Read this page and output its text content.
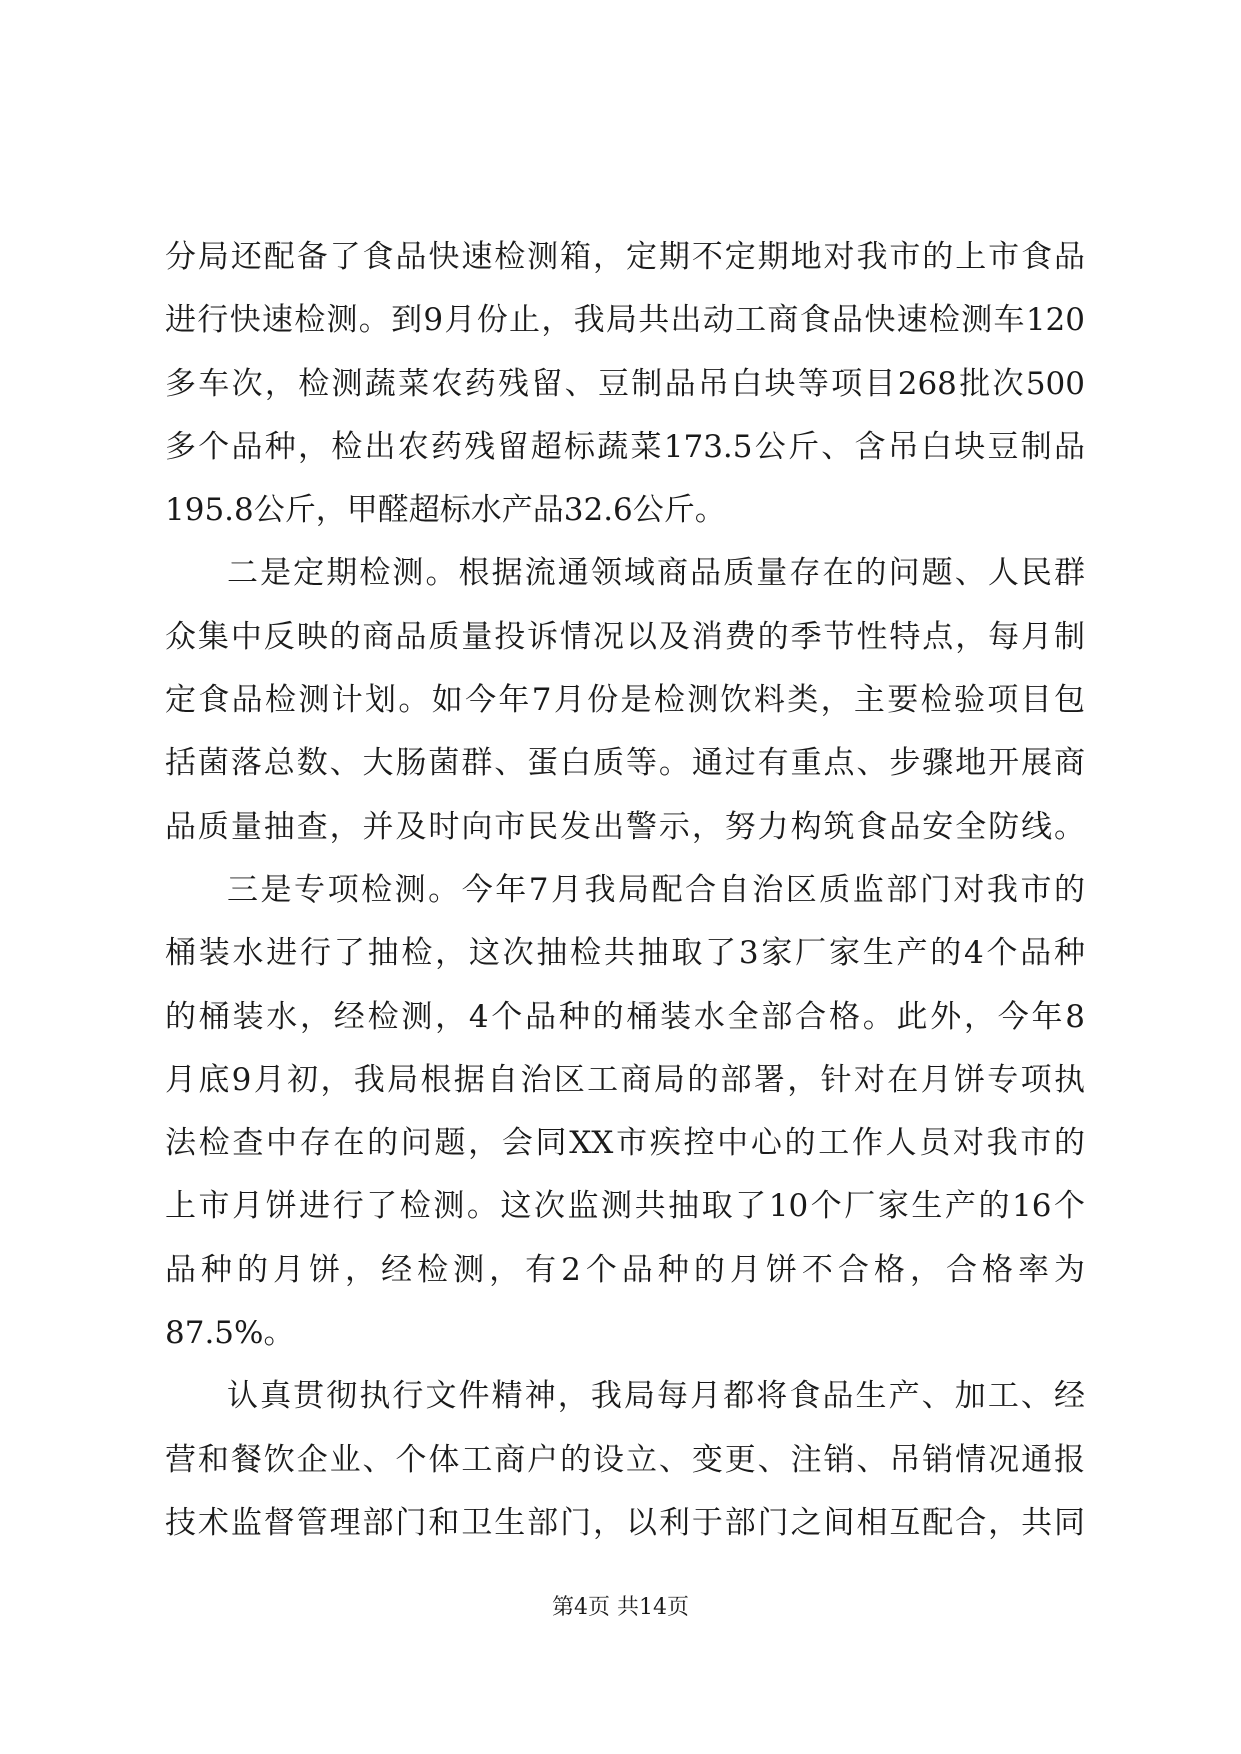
分局还配备了食品快速检测箱，定期不定期地对我市的上市食品
进行快速检测。到9月份止，我局共出动工商食品快速检测车120
多车次，检测蔬菜农药残留、豆制品吊白块等项目268批次500
多个品种，检出农药残留超标蔬菜173.5公斤、含吊白块豆制品
195.8公斤，甲醛超标水产品32.6公斤。
二是定期检测。根据流通领域商品质量存在的问题、人民群
众集中反映的商品质量投诉情况以及消费的季节性特点，每月制
定食品检测计划。如今年7月份是检测饮料类，主要检验项目包
括菌落总数、大肠菌群、蛋白质等。通过有重点、步骤地开展商
品质量抽查，并及时向市民发出警示，努力构筑食品安全防线。
三是专项检测。今年7月我局配合自治区质监部门对我市的
桶装水进行了抽检，这次抽检共抽取了3家厂家生产的4个品种
的桶装水，经检测，4个品种的桶装水全部合格。此外，今年8
月底9月初，我局根据自治区工商局的部署，针对在月饼专项执
法检查中存在的问题，会同XX市疾控中心的工作人员对我市的
上市月饼进行了检测。这次监测共抽取了10个厂家生产的16个
品种的月饼，经检测，有2个品种的月饼不合格，合格率为
87.5%。
认真贯彻执行文件精神，我局每月都将食品生产、加工、经
营和餐饮企业、个体工商户的设立、变更、注销、吊销情况通报
技术监督管理部门和卫生部门，以利于部门之间相互配合，共同
第4页 共14页
